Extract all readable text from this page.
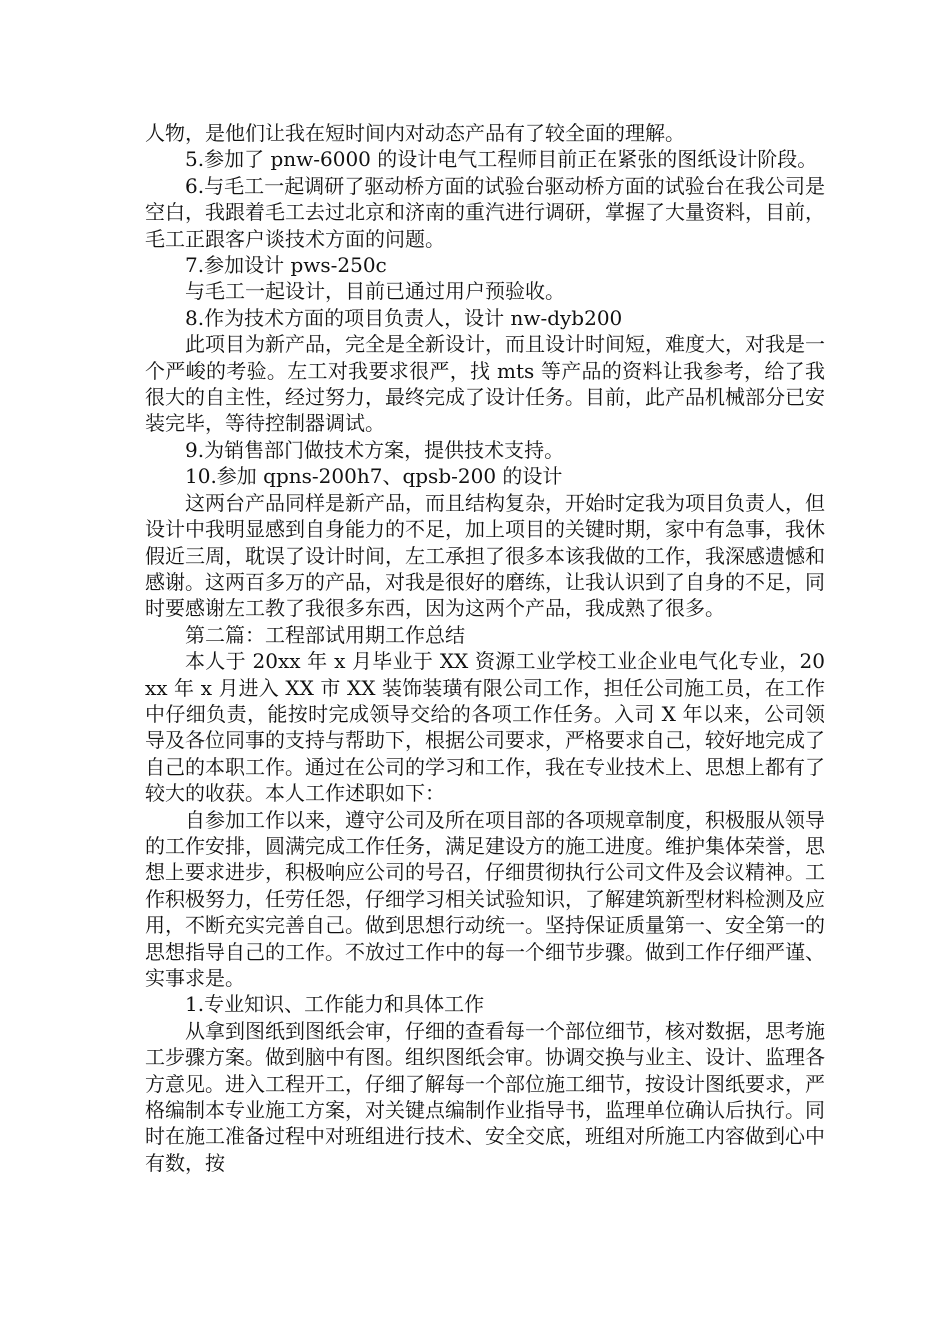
人物，是他们让我在短时间内对动态产品有了较全面的理解。

5.参加了 pnw-6000 的设计电气工程师目前正在紧张的图纸设计阶段。

6.与毛工一起调研了驱动桥方面的试验台驱动桥方面的试验台在我公司是空白，我跟着毛工去过北京和济南的重汽进行调研，掌握了大量资料，目前，毛工正跟客户谈技术方面的问题。

7.参加设计 pws-250c

与毛工一起设计，目前已通过用户预验收。

8.作为技术方面的项目负责人，设计 nw-dyb200

此项目为新产品，完全是全新设计，而且设计时间短，难度大，对我是一个严峻的考验。左工对我要求很严，找 mts 等产品的资料让我参考，给了我很大的自主性，经过努力，最终完成了设计任务。目前，此产品机械部分已安装完毕，等待控制器调试。

9.为销售部门做技术方案，提供技术支持。

10.参加 qpns-200h7、qpsb-200 的设计

这两台产品同样是新产品，而且结构复杂，开始时定我为项目负责人，但设计中我明显感到自身能力的不足，加上项目的关键时期，家中有急事，我休假近三周，耽误了设计时间，左工承担了很多本该我做的工作，我深感遗憾和感谢。这两百多万的产品，对我是很好的磨练，让我认识到了自身的不足，同时要感谢左工教了我很多东西，因为这两个产品，我成熟了很多。

第二篇：工程部试用期工作总结

本人于 20xx 年 x 月毕业于 XX 资源工业学校工业企业电气化专业，20xx 年 x 月进入 XX 市 XX 装饰装璜有限公司工作，担任公司施工员，在工作中仔细负责，能按时完成领导交给的各项工作任务。入司 X 年以来，公司领导及各位同事的支持与帮助下，根据公司要求，严格要求自己，较好地完成了自己的本职工作。通过在公司的学习和工作，我在专业技术上、思想上都有了较大的收获。本人工作述职如下：

自参加工作以来，遵守公司及所在项目部的各项规章制度，积极服从领导的工作安排，圆满完成工作任务，满足建设方的施工进度。维护集体荣誉，思想上要求进步，积极响应公司的号召，仔细贯彻执行公司文件及会议精神。工作积极努力，任劳任怨，仔细学习相关试验知识，了解建筑新型材料检测及应用，不断充实完善自己。做到思想行动统一。坚持保证质量第一、安全第一的思想指导自己的工作。不放过工作中的每一个细节步骤。做到工作仔细严谨、实事求是。

1.专业知识、工作能力和具体工作

从拿到图纸到图纸会审，仔细的查看每一个部位细节，核对数据，思考施工步骤方案。做到脑中有图。组织图纸会审。协调交换与业主、设计、监理各方意见。进入工程开工，仔细了解每一个部位施工细节，按设计图纸要求，严格编制本专业施工方案，对关键点编制作业指导书，监理单位确认后执行。同时在施工准备过程中对班组进行技术、安全交底，班组对所施工内容做到心中有数，按
